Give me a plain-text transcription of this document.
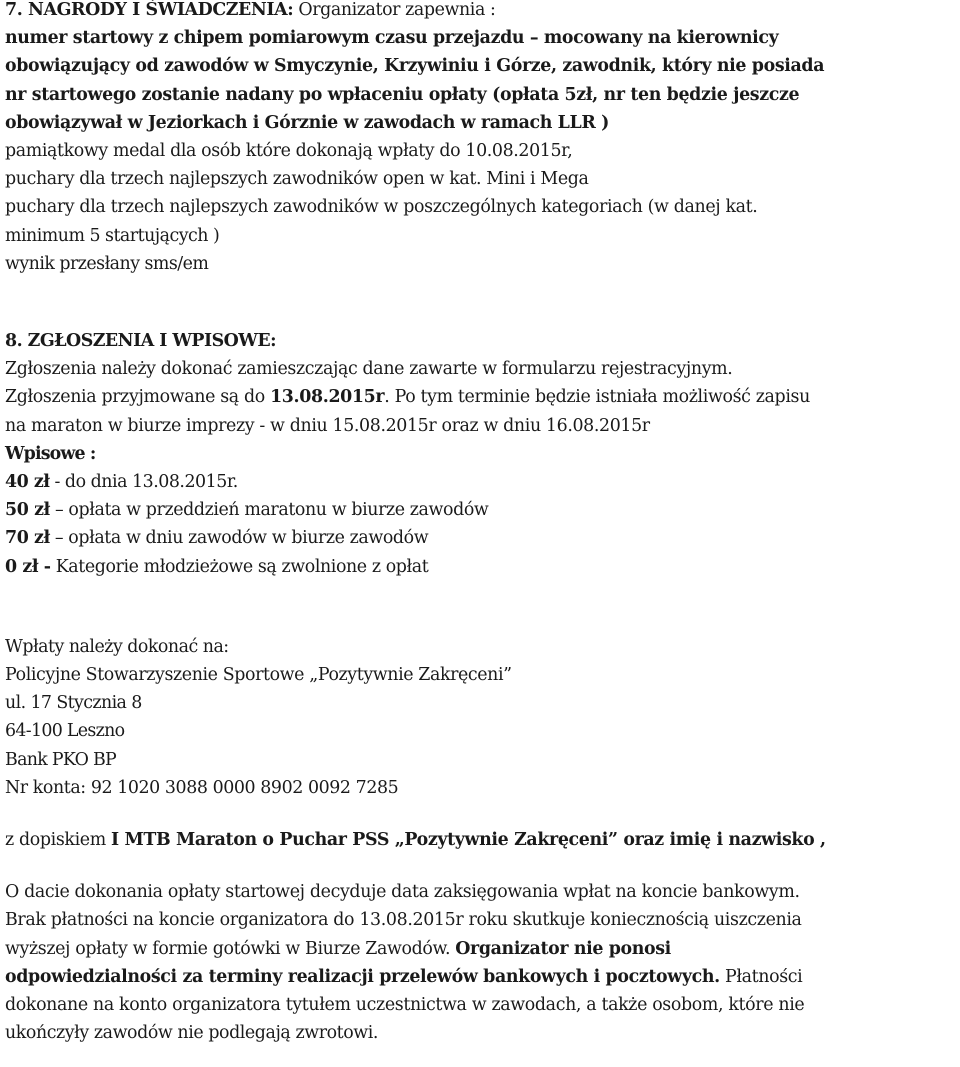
7. NAGRODY I ŚWIADCZENIA: Organizator zapewnia :
numer startowy z chipem pomiarowym czasu przejazdu – mocowany na kierownicy
obowiązujący od zawodów w Smyczynie, Krzywiniu i Górze, zawodnik, który nie posiada
nr startowego zostanie nadany po wpłaceniu opłaty (opłata 5zł, nr ten będzie jeszcze
obowiązywał w Jeziorkach i Górznie w zawodach w ramach LLR )
pamiątkowy medal dla osób które dokonają wpłaty do 10.08.2015r,
puchary dla trzech najlepszych zawodników open w kat. Mini i Mega
puchary dla trzech najlepszych zawodników w poszczególnych kategoriach (w danej kat.
minimum 5 startujących )
wynik przesłany sms/em
8. ZGŁOSZENIA I WPISOWE:
Zgłoszenia należy dokonać zamieszczając dane zawarte w formularzu rejestracyjnym.
Zgłoszenia przyjmowane są do 13.08.2015r. Po tym terminie będzie istniała możliwość zapisu
na maraton w biurze imprezy - w dniu 15.08.2015r oraz w dniu 16.08.2015r
Wpisowe :
40 zł - do dnia 13.08.2015r.
50 zł – opłata w przeddzień maratonu w biurze zawodów
70 zł – opłata w dniu zawodów w biurze zawodów
0 zł - Kategorie młodzieżowe są zwolnione z opłat
Wpłaty należy dokonać na:
Policyjne Stowarzyszenie Sportowe „Pozytywnie Zakręceni”
ul. 17 Stycznia 8
64-100 Leszno
Bank PKO BP
Nr konta: 92 1020 3088 0000 8902 0092 7285
z dopiskiem I MTB Maraton o Puchar PSS „Pozytywnie Zakręceni” oraz imię i nazwisko ,
O dacie dokonania opłaty startowej decyduje data zaksięgowania wpłat na koncie bankowym.
Brak płatności na koncie organizatora do 13.08.2015r roku skutkuje koniecznością uiszczenia
wyższej opłaty w formie gotówki w Biurze Zawodów. Organizator nie ponosi
odpowiedzialności za terminy realizacji przelewów bankowych i pocztowych. Płatności
dokonane na konto organizatora tytułem uczestnictwa w zawodach, a także osobom, które nie
ukończyły zawodów nie podlegają zwrotowi.
